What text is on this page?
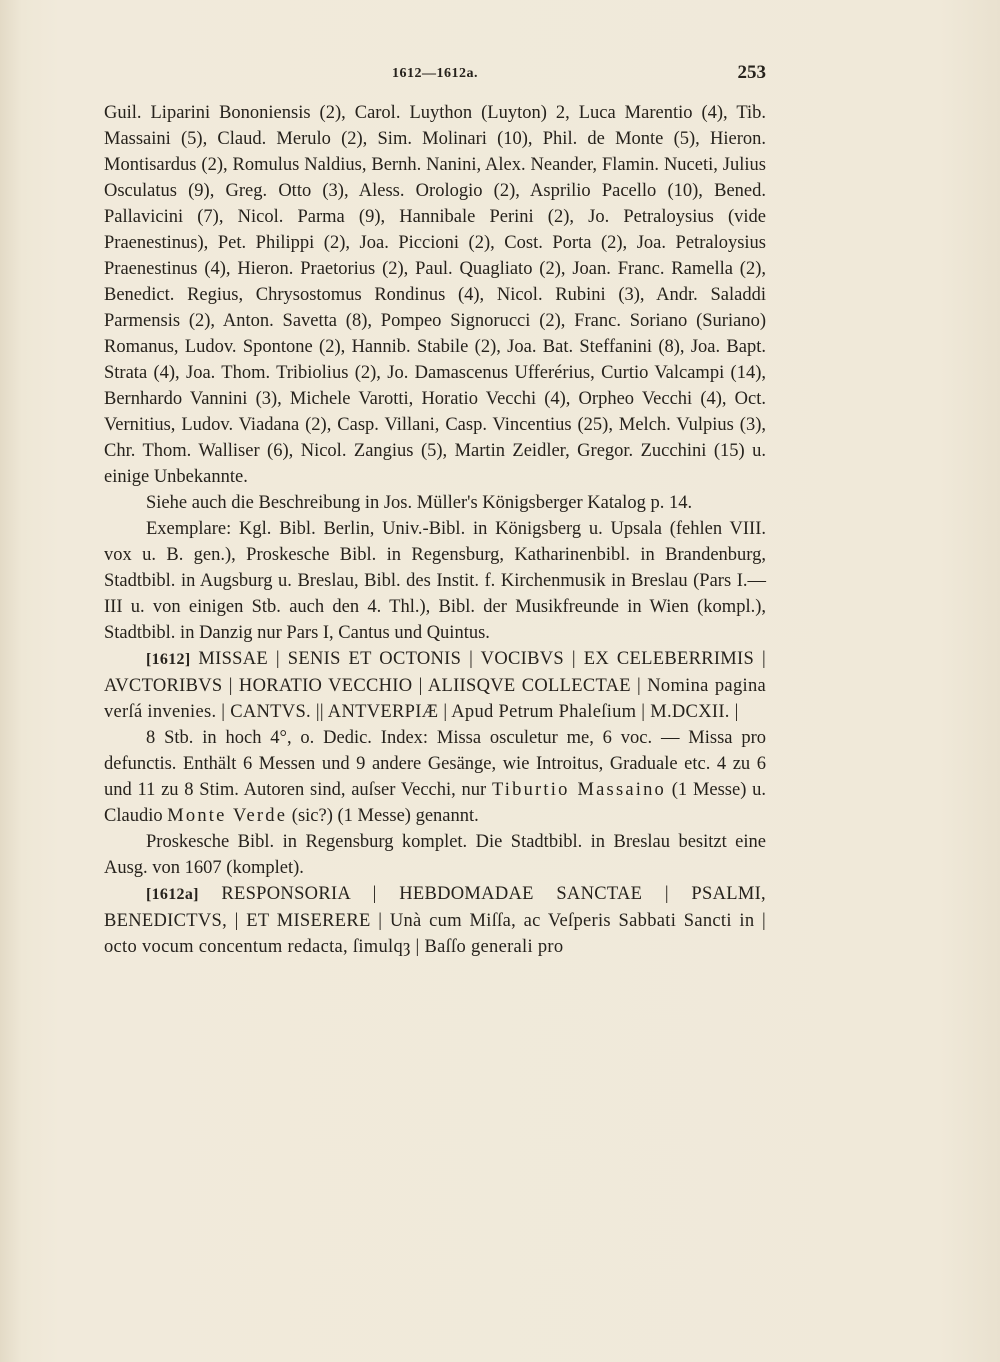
1612—1612a.	253

Guil. Liparini Bononiensis (2), Carol. Luython (Luyton) 2, Luca Marentio (4), Tib. Massaini (5), Claud. Merulo (2), Sim. Molinari (10), Phil. de Monte (5), Hieron. Montisardus (2), Romulus Naldius, Bernh. Nanini, Alex. Neander, Flamin. Nuceti, Julius Osculatus (9), Greg. Otto (3), Aless. Orologio (2), Asprilio Pacello (10), Bened. Pallavicini (7), Nicol. Parma (9), Hannibale Perini (2), Jo. Petraloysius (vide Praenestinus), Pet. Philippi (2), Joa. Piccioni (2), Cost. Porta (2), Joa. Petraloysius Praenestinus (4), Hieron. Praetorius (2), Paul. Quagliato (2), Joan. Franc. Ramella (2), Benedict. Regius, Chrysostomus Rondinus (4), Nicol. Rubini (3), Andr. Saladdi Parmensis (2), Anton. Savetta (8), Pompeo Signorucci (2), Franc. Soriano (Suriano) Romanus, Ludov. Spontone (2), Hannib. Stabile (2), Joa. Bat. Steffanini (8), Joa. Bapt. Strata (4), Joa. Thom. Tribiolius (2), Jo. Damascenus Ufferérius, Curtio Valcampi (14), Bernhardo Vannini (3), Michele Varotti, Horatio Vecchi (4), Orpheo Vecchi (4), Oct. Vernitius, Ludov. Viadana (2), Casp. Villani, Casp. Vincentius (25), Melch. Vulpius (3), Chr. Thom. Walliser (6), Nicol. Zangius (5), Martin Zeidler, Gregor. Zucchini (15) u. einige Unbekannte.

Siehe auch die Beschreibung in Jos. Müller's Königsberger Katalog p. 14.

Exemplare: Kgl. Bibl. Berlin, Univ.-Bibl. in Königsberg u. Upsala (fehlen VIII. vox u. B. gen.), Proskesche Bibl. in Regensburg, Katharinenbibl. in Brandenburg, Stadtbibl. in Augsburg u. Breslau, Bibl. des Instit. f. Kirchenmusik in Breslau (Pars I.—III u. von einigen Stb. auch den 4. Thl.), Bibl. der Musikfreunde in Wien (kompl.), Stadtbibl. in Danzig nur Pars I, Cantus und Quintus.

[1612] MISSAE | SENIS ET OCTONIS | VOCIBVS | EX CELEBERRIMIS | AVCTORIBVS | HORATIO VECCHIO | ALIISQVE COLLECTAE | Nomina pagina verſá invenies. | CANTVS. || ANTVERPIÆ | Apud Petrum Phaleſium | M.DCXII. |

8 Stb. in hoch 4°, o. Dedic. Index: Missa osculetur me, 6 voc. — Missa pro defunctis. Enthält 6 Messen und 9 andere Gesänge, wie Introitus, Graduale etc. 4 zu 6 und 11 zu 8 Stim. Autoren sind, auſser Vecchi, nur Tiburtio Massaino (1 Messe) u. Claudio Monte Verde (sic?) (1 Messe) genannt.

Proskesche Bibl. in Regensburg komplet. Die Stadtbibl. in Breslau besitzt eine Ausg. von 1607 (komplet).

[1612a] RESPONSORIA | HEBDOMADAE SANCTAE | PSALMI, BENEDICTVS, | ET MISERERE | Unà cum Miſſa, ac Veſperis Sabbati Sancti in | octo vocum concentum redacta, ſimulqȝ | Baſſo generali pro
